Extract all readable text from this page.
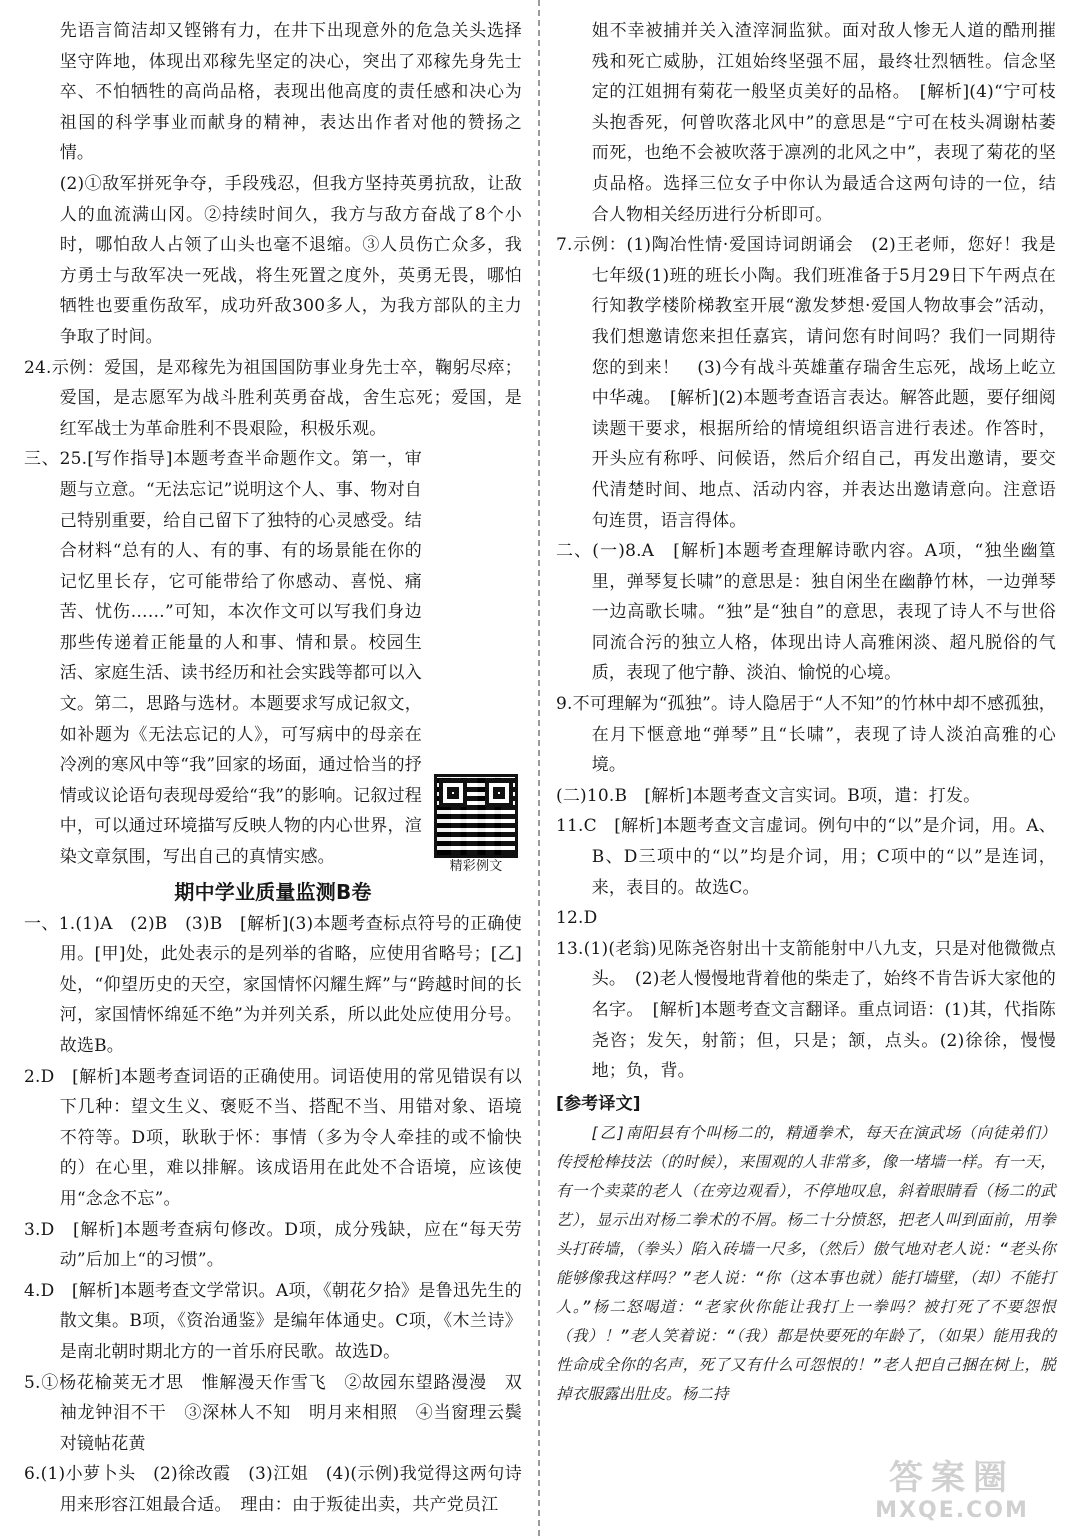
先语言简洁却又铿锵有力，在井下出现意外的危急关头选择坚守阵地，体现出邓稼先坚定的决心，突出了邓稼先身先士卒、不怕牺牲的高尚品格，表现出他高度的责任感和决心为祖国的科学事业而献身的精神，表达出作者对他的赞扬之情。

(2)①敌军拼死争夺，手段残忍，但我方坚持英勇抗敌，让敌人的血流满山冈。②持续时间久，我方与敌方奋战了8个小时，哪怕敌人占领了山头也毫不退缩。③人员伤亡众多，我方勇士与敌军决一死战，将生死置之度外，英勇无畏，哪怕牺牲也要重伤敌军，成功歼敌300多人，为我方部队的主力争取了时间。

24.示例：爱国，是邓稼先为祖国国防事业身先士卒，鞠躬尽瘁；爱国，是志愿军为战斗胜利英勇奋战，舍生忘死；爱国，是红军战士为革命胜利不畏艰险，积极乐观。

精彩例文

三、25.[写作指导]本题考查半命题作文。第一，审题与立意。“无法忘记”说明这个人、事、物对自己特别重要，给自己留下了独特的心灵感受。结合材料“总有的人、有的事、有的场景能在你的记忆里长存，它可能带给了你感动、喜悦、痛苦、忧伤……”可知，本次作文可以写我们身边那些传递着正能量的人和事、情和景。校园生活、家庭生活、读书经历和社会实践等都可以入文。第二，思路与选材。本题要求写成记叙文，如补题为《无法忘记的人》，可写病中的母亲在冷冽的寒风中等“我”回家的场面，通过恰当的抒情或议论语句表现母爱给“我”的影响。记叙过程中，可以通过环境描写反映人物的内心世界，渲染文章氛围，写出自己的真情实感。

期中学业质量监测B卷

一、1.(1)A　(2)B　(3)B　[解析](3)本题考查标点符号的正确使用。[甲]处，此处表示的是列举的省略，应使用省略号；[乙]处，“仰望历史的天空，家国情怀闪耀生辉”与“跨越时间的长河，家国情怀绵延不绝”为并列关系，所以此处应使用分号。故选B。

2.D　[解析]本题考查词语的正确使用。词语使用的常见错误有以下几种：望文生义、褒贬不当、搭配不当、用错对象、语境不符等。D项，耿耿于怀：事情（多为令人牵挂的或不愉快的）在心里，难以排解。该成语用在此处不合语境，应该使用“念念不忘”。

3.D　[解析]本题考查病句修改。D项，成分残缺，应在“每天劳动”后加上“的习惯”。

4.D　[解析]本题考查文学常识。A项，《朝花夕拾》是鲁迅先生的散文集。B项，《资治通鉴》是编年体通史。C项，《木兰诗》是南北朝时期北方的一首乐府民歌。故选D。

5.①杨花榆荚无才思　惟解漫天作雪飞　②故园东望路漫漫　双袖龙钟泪不干　③深林人不知　明月来相照　④当窗理云鬓　对镜帖花黄

6.(1)小萝卜头　(2)徐改霞　(3)江姐　(4)(示例)我觉得这两句诗用来形容江姐最合适。　理由：由于叛徒出卖，共产党员江

姐不幸被捕并关入渣滓洞监狱。面对敌人惨无人道的酷刑摧残和死亡威胁，江姐始终坚强不屈，最终壮烈牺牲。信念坚定的江姐拥有菊花一般坚贞美好的品格。　[解析](4)“宁可枝头抱香死，何曾吹落北风中”的意思是“宁可在枝头凋谢枯萎而死，也绝不会被吹落于凛冽的北风之中”，表现了菊花的坚贞品格。选择三位女子中你认为最适合这两句诗的一位，结合人物相关经历进行分析即可。

7.示例：(1)陶冶性情·爱国诗词朗诵会　(2)王老师，您好！我是七年级(1)班的班长小陶。我们班准备于5月29日下午两点在行知教学楼阶梯教室开展“激发梦想·爱国人物故事会”活动，我们想邀请您来担任嘉宾，请问您有时间吗？我们一同期待您的到来！　(3)今有战斗英雄董存瑞舍生忘死，战场上屹立中华魂。　[解析](2)本题考查语言表达。解答此题，要仔细阅读题干要求，根据所给的情境组织语言进行表述。作答时，开头应有称呼、问候语，然后介绍自己，再发出邀请，要交代清楚时间、地点、活动内容，并表达出邀请意向。注意语句连贯，语言得体。

二、(一)8.A　[解析]本题考查理解诗歌内容。A项，“独坐幽篁里，弹琴复长啸”的意思是：独自闲坐在幽静竹林，一边弹琴一边高歌长啸。“独”是“独自”的意思，表现了诗人不与世俗同流合污的独立人格，体现出诗人高雅闲淡、超凡脱俗的气质，表现了他宁静、淡泊、愉悦的心境。

9.不可理解为“孤独”。诗人隐居于“人不知”的竹林中却不感孤独，在月下惬意地“弹琴”且“长啸”，表现了诗人淡泊高雅的心境。

(二)10.B　[解析]本题考查文言实词。B项，遣：打发。

11.C　[解析]本题考查文言虚词。例句中的“以”是介词，用。A、B、D三项中的“以”均是介词，用；C项中的“以”是连词，来，表目的。故选C。

12.D

13.(1)(老翁)见陈尧咨射出十支箭能射中八九支，只是对他微微点头。　(2)老人慢慢地背着他的柴走了，始终不肯告诉大家他的名字。　[解析]本题考查文言翻译。重点词语：(1)其，代指陈尧咨；发矢，射箭；但，只是；颔，点头。(2)徐徐，慢慢地；负，背。

[参考译文]

[乙]南阳县有个叫杨二的，精通拳术，每天在演武场（向徒弟们）传授枪棒技法（的时候），来围观的人非常多，像一堵墙一样。有一天，有一个卖菜的老人（在旁边观看），不停地叹息，斜着眼睛看（杨二的武艺），显示出对杨二拳术的不屑。杨二十分愤怒，把老人叫到面前，用拳头打砖墙，（拳头）陷入砖墙一尺多，（然后）傲气地对老人说：“老头你能够像我这样吗？”老人说：“你（这本事也就）能打墙壁，（却）不能打人。”杨二怒喝道：“老家伙你能让我打上一拳吗？被打死了不要怨恨（我）！”老人笑着说：“（我）都是快要死的年龄了，（如果）能用我的性命成全你的名声，死了又有什么可怨恨的！”老人把自己捆在树上，脱掉衣服露出肚皮。杨二持

答案圈
MXQE.COM
